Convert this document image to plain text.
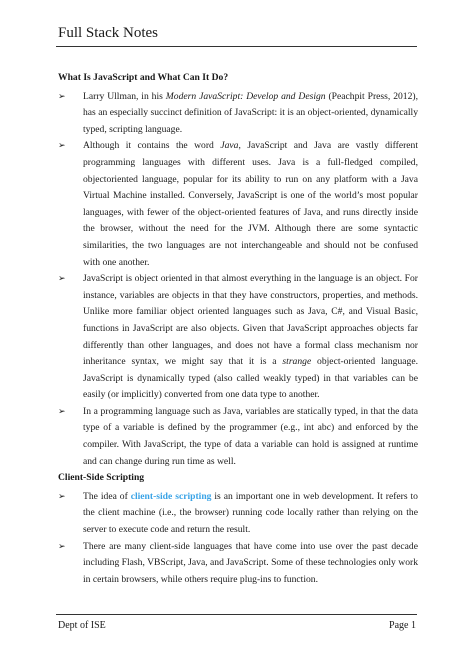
Full Stack Notes
What Is JavaScript and What Can It Do?
➢ Larry Ullman, in his Modern JavaScript: Develop and Design (Peachpit Press, 2012), has an especially succinct definition of JavaScript: it is an object-oriented, dynamically typed, scripting language.
➢ Although it contains the word Java, JavaScript and Java are vastly different programming languages with different uses. Java is a full-fledged compiled, objectoriented language, popular for its ability to run on any platform with a Java Virtual Machine installed. Conversely, JavaScript is one of the world’s most popular languages, with fewer of the object-oriented features of Java, and runs directly inside the browser, without the need for the JVM. Although there are some syntactic similarities, the two languages are not interchangeable and should not be confused with one another.
➢ JavaScript is object oriented in that almost everything in the language is an object. For instance, variables are objects in that they have constructors, properties, and methods. Unlike more familiar object oriented languages such as Java, C#, and Visual Basic, functions in JavaScript are also objects. Given that JavaScript approaches objects far differently than other languages, and does not have a formal class mechanism nor inheritance syntax, we might say that it is a strange object-oriented language. JavaScript is dynamically typed (also called weakly typed) in that variables can be easily (or implicitly) converted from one data type to another.
➢ In a programming language such as Java, variables are statically typed, in that the data type of a variable is defined by the programmer (e.g., int abc) and enforced by the compiler. With JavaScript, the type of data a variable can hold is assigned at runtime and can change during run time as well.
Client-Side Scripting
➢ The idea of client-side scripting is an important one in web development. It refers to the client machine (i.e., the browser) running code locally rather than relying on the server to execute code and return the result.
➢ There are many client-side languages that have come into use over the past decade including Flash, VBScript, Java, and JavaScript. Some of these technologies only work in certain browsers, while others require plug-ins to function.
Dept of ISE	Page 1
